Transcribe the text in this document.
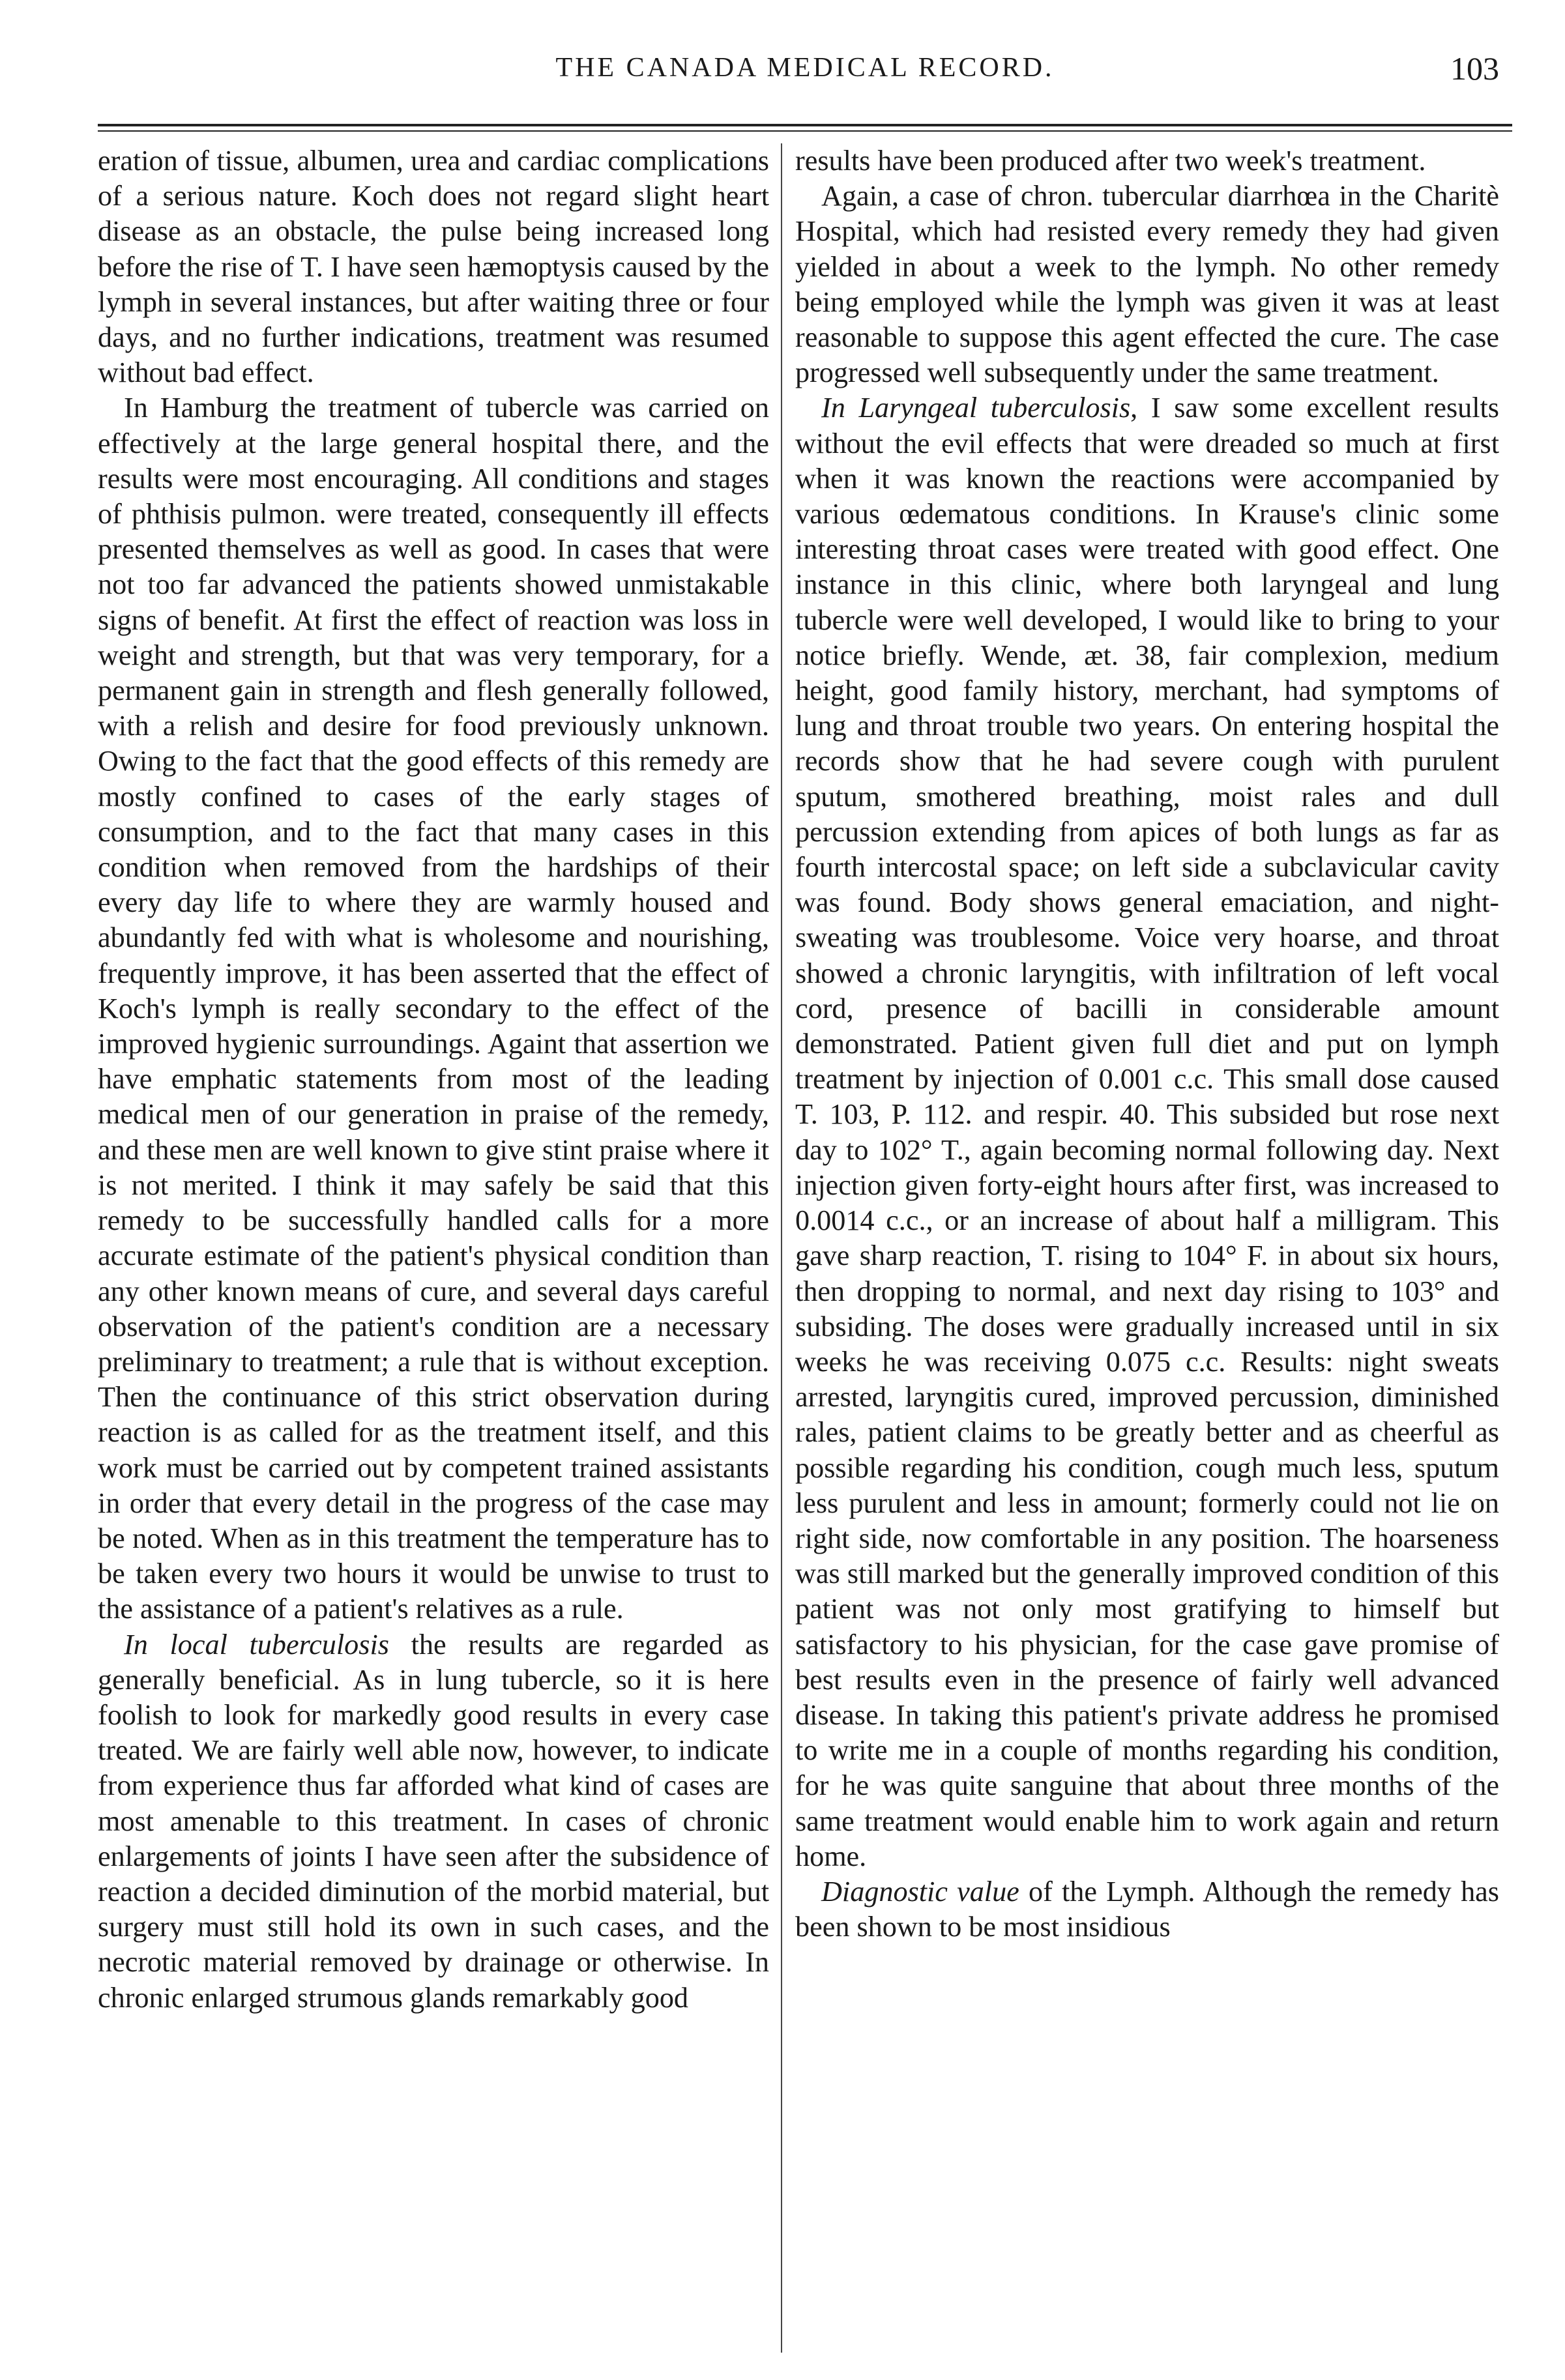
THE CANADA MEDICAL RECORD.	103

eration of tissue, albumen, urea and cardiac complications of a serious nature. Koch does not regard slight heart disease as an obstacle, the pulse being increased long before the rise of T. I have seen hæmoptysis caused by the lymph in several instances, but after waiting three or four days, and no further indications, treatment was resumed without bad effect.

In Hamburg the treatment of tubercle was carried on effectively at the large general hospital there, and the results were most encouraging. All conditions and stages of phthisis pulmon. were treated, consequently ill effects presented themselves as well as good. In cases that were not too far advanced the patients showed unmistakable signs of benefit. At first the effect of reaction was loss in weight and strength, but that was very temporary, for a permanent gain in strength and flesh generally followed, with a relish and desire for food previously unknown. Owing to the fact that the good effects of this remedy are mostly confined to cases of the early stages of consumption, and to the fact that many cases in this condition when removed from the hardships of their every day life to where they are warmly housed and abundantly fed with what is wholesome and nourishing, frequently improve, it has been asserted that the effect of Koch's lymph is really secondary to the effect of the improved hygienic surroundings. Againt that assertion we have emphatic statements from most of the leading medical men of our generation in praise of the remedy, and these men are well known to give stint praise where it is not merited. I think it may safely be said that this remedy to be successfully handled calls for a more accurate estimate of the patient's physical condition than any other known means of cure, and several days careful observation of the patient's condition are a necessary preliminary to treatment; a rule that is without exception. Then the continuance of this strict observation during reaction is as called for as the treatment itself, and this work must be carried out by competent trained assistants in order that every detail in the progress of the case may be noted. When as in this treatment the temperature has to be taken every two hours it would be unwise to trust to the assistance of a patient's relatives as a rule.

In local tuberculosis the results are regarded as generally beneficial. As in lung tubercle, so it is here foolish to look for markedly good results in every case treated. We are fairly well able now, however, to indicate from experience thus far afforded what kind of cases are most amenable to this treatment. In cases of chronic enlargements of joints I have seen after the subsidence of reaction a decided diminution of the morbid material, but surgery must still hold its own in such cases, and the necrotic material removed by drainage or otherwise. In chronic enlarged strumous glands remarkably good

results have been produced after two week's treatment.

Again, a case of chron. tubercular diarrhœa in the Charitè Hospital, which had resisted every remedy they had given yielded in about a week to the lymph. No other remedy being employed while the lymph was given it was at least reasonable to suppose this agent effected the cure. The case progressed well subsequently under the same treatment.

In Laryngeal tuberculosis, I saw some excellent results without the evil effects that were dreaded so much at first when it was known the reactions were accompanied by various œdematous conditions. In Krause's clinic some interesting throat cases were treated with good effect. One instance in this clinic, where both laryngeal and lung tubercle were well developed, I would like to bring to your notice briefly. Wende, æt. 38, fair complexion, medium height, good family history, merchant, had symptoms of lung and throat trouble two years. On entering hospital the records show that he had severe cough with purulent sputum, smothered breathing, moist rales and dull percussion extending from apices of both lungs as far as fourth intercostal space; on left side a subclavicular cavity was found. Body shows general emaciation, and night-sweating was troublesome. Voice very hoarse, and throat showed a chronic laryngitis, with infiltration of left vocal cord, presence of bacilli in considerable amount demonstrated. Patient given full diet and put on lymph treatment by injection of 0.001 c.c. This small dose caused T. 103, P. 112. and respir. 40. This subsided but rose next day to 102° T., again becoming normal following day. Next injection given forty-eight hours after first, was increased to 0.0014 c.c., or an increase of about half a milligram. This gave sharp reaction, T. rising to 104° F. in about six hours, then dropping to normal, and next day rising to 103° and subsiding. The doses were gradually increased until in six weeks he was receiving 0.075 c.c. Results: night sweats arrested, laryngitis cured, improved percussion, diminished rales, patient claims to be greatly better and as cheerful as possible regarding his condition, cough much less, sputum less purulent and less in amount; formerly could not lie on right side, now comfortable in any position. The hoarseness was still marked but the generally improved condition of this patient was not only most gratifying to himself but satisfactory to his physician, for the case gave promise of best results even in the presence of fairly well advanced disease. In taking this patient's private address he promised to write me in a couple of months regarding his condition, for he was quite sanguine that about three months of the same treatment would enable him to work again and return home.

Diagnostic value of the Lymph. Although the remedy has been shown to be most insidious
